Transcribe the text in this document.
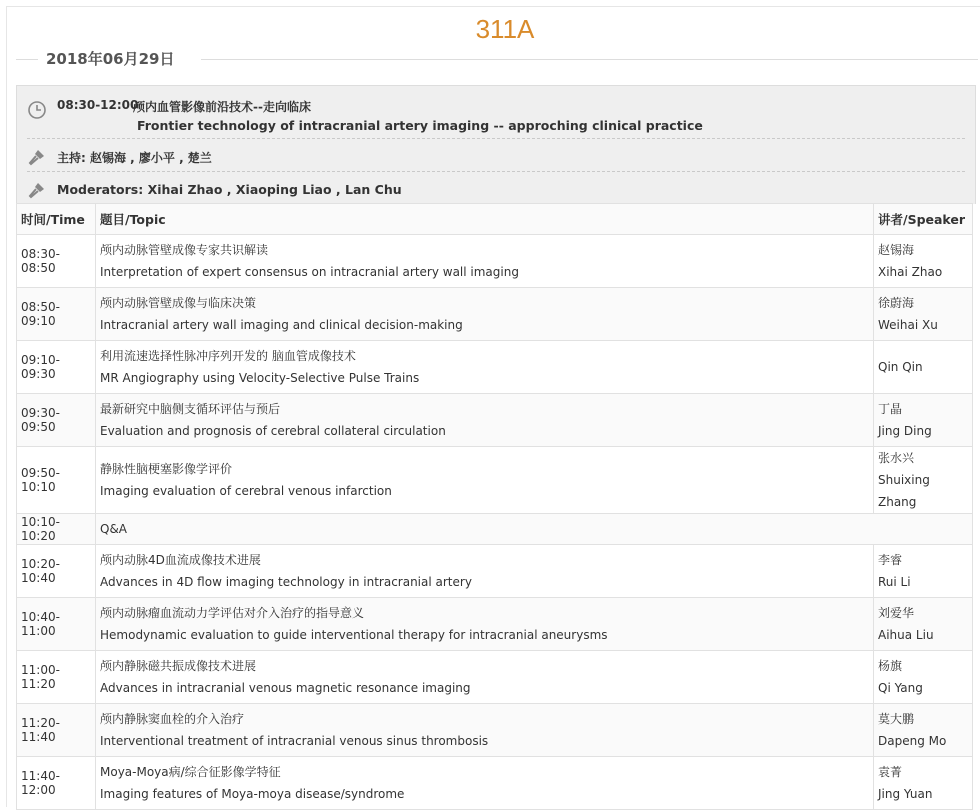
311A
2018年06月29日
08:30-12:00
颅内血管影像前沿技术--走向临床
Frontier technology of intracranial artery imaging -- approching clinical practice
主持: 赵锡海 , 廖小平 , 楚兰
Moderators: Xihai Zhao , Xiaoping Liao , Lan Chu
时间/Time	题目/Topic	讲者/Speaker
08:30-08:50	颅内动脉管壁成像专家共识解读
Interpretation of expert consensus on intracranial artery wall imaging	赵锡海
Xihai Zhao

08:50-09:10	颅内动脉管壁成像与临床决策
Intracranial artery wall imaging and clinical decision-making	徐蔚海
Weihai Xu

09:10-09:30	利用流速选择性脉冲序列开发的 脑血管成像技术
MR Angiography using Velocity-Selective Pulse Trains	Qin Qin

09:30-09:50	最新研究中脑侧支循环评估与预后
Evaluation and prognosis of cerebral collateral circulation	丁晶
Jing Ding

09:50-10:10	静脉性脑梗塞影像学评价
Imaging evaluation of cerebral venous infarction	张水兴
Shuixing Zhang

10:10-10:20	Q&A	
10:20-10:40	颅内动脉4D血流成像技术进展
Advances in 4D flow imaging technology in intracranial artery	李睿
Rui Li

10:40-11:00	颅内动脉瘤血流动力学评估对介入治疗的指导意义
Hemodynamic evaluation to guide interventional therapy for intracranial aneurysms	刘爱华
Aihua Liu

11:00-11:20	颅内静脉磁共振成像技术进展
Advances in intracranial venous magnetic resonance imaging	杨旗
Qi Yang

11:20-11:40	颅内静脉窦血栓的介入治疗
Interventional treatment of intracranial venous sinus thrombosis	莫大鹏
Dapeng Mo

11:40-12:00	Moya-Moya病/综合征影像学特征
Imaging features of Moya-moya disease/syndrome	袁菁
Jing Yuan
